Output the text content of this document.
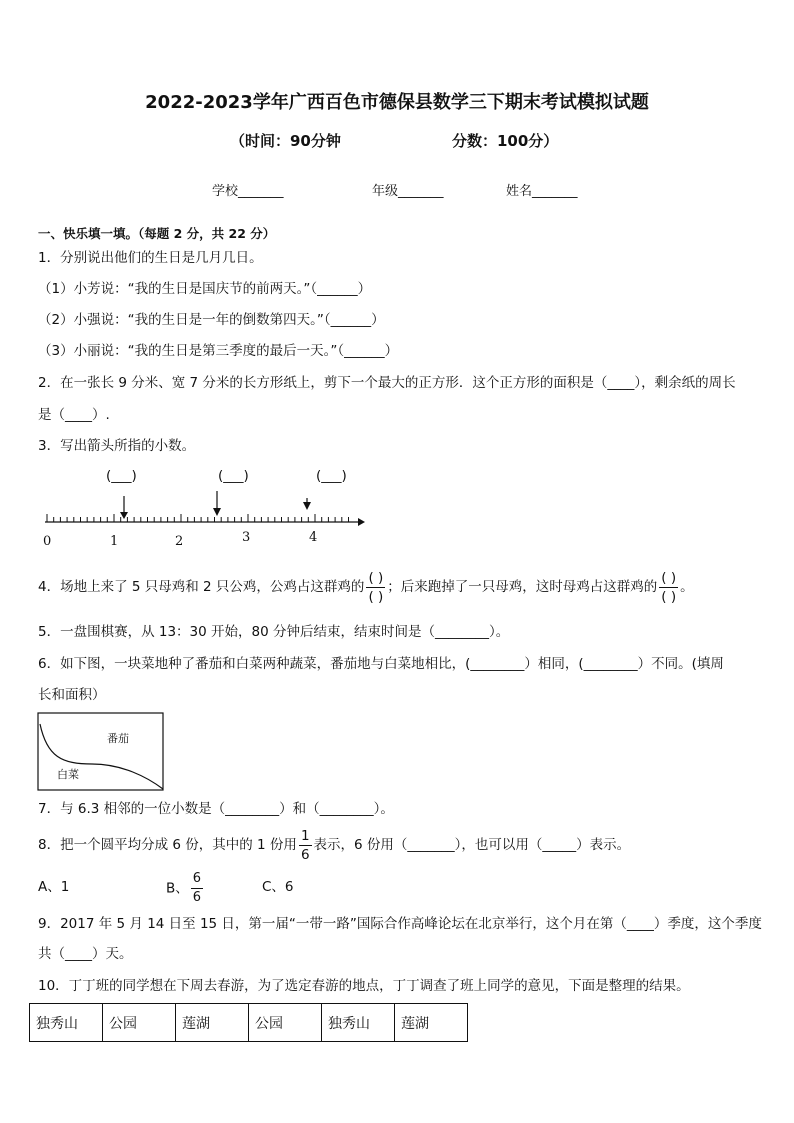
2022-2023学年广西百色市德保县数学三下期末考试模拟试题
（时间：90分钟	分数：100分）
学校_______	年级_______	姓名_______
一、快乐填一填。（每题 2 分，共 22 分）
1．分别说出他们的生日是几月几日。
（1）小芳说：“我的生日是国庆节的前两天。”（______）
（2）小强说：“我的生日是一年的倒数第四天。”（______）
（3）小丽说：“我的生日是第三季度的最后一天。”（______）
2．在一张长 9 分米、宽 7 分米的长方形纸上，剪下一个最大的正方形．这个正方形的面积是（____），剩余纸的周长
是（____）.
3．写出箭头所指的小数。
(___)	(___)	(___)
0	1	2	3	4
4．场地上来了 5 只母鸡和 2 只公鸡，公鸡占这群鸡的 $\frac{( )}{( )}$ ；后来跑掉了一只母鸡，这时母鸡占这群鸡的 $\frac{( )}{( )}$ 。
5．一盘围棋赛，从 13：30 开始，80 分钟后结束，结束时间是（________）。
6．如下图，一块菜地种了番茄和白菜两种蔬菜，番茄地与白菜地相比，(________）相同，(________）不同。(填周
长和面积）
番茄
白菜
7．与 6.3 相邻的一位小数是（________）和（________）。
8．把一个圆平均分成 6 份，其中的 1 份用 $\frac{1}{6}$ 表示，6 份用（_______），也可以用（_____）表示。
A、1	B、 $\frac{6}{6}$	C、6
9．2017 年 5 月 14 日至 15 日，第一届“一带一路”国际合作高峰论坛在北京举行，这个月在第（____）季度，这个季度
共（____）天。
10．丁丁班的同学想在下周去春游，为了选定春游的地点，丁丁调查了班上同学的意见，下面是整理的结果。
独秀山	公园	莲湖	公园	独秀山	莲湖
